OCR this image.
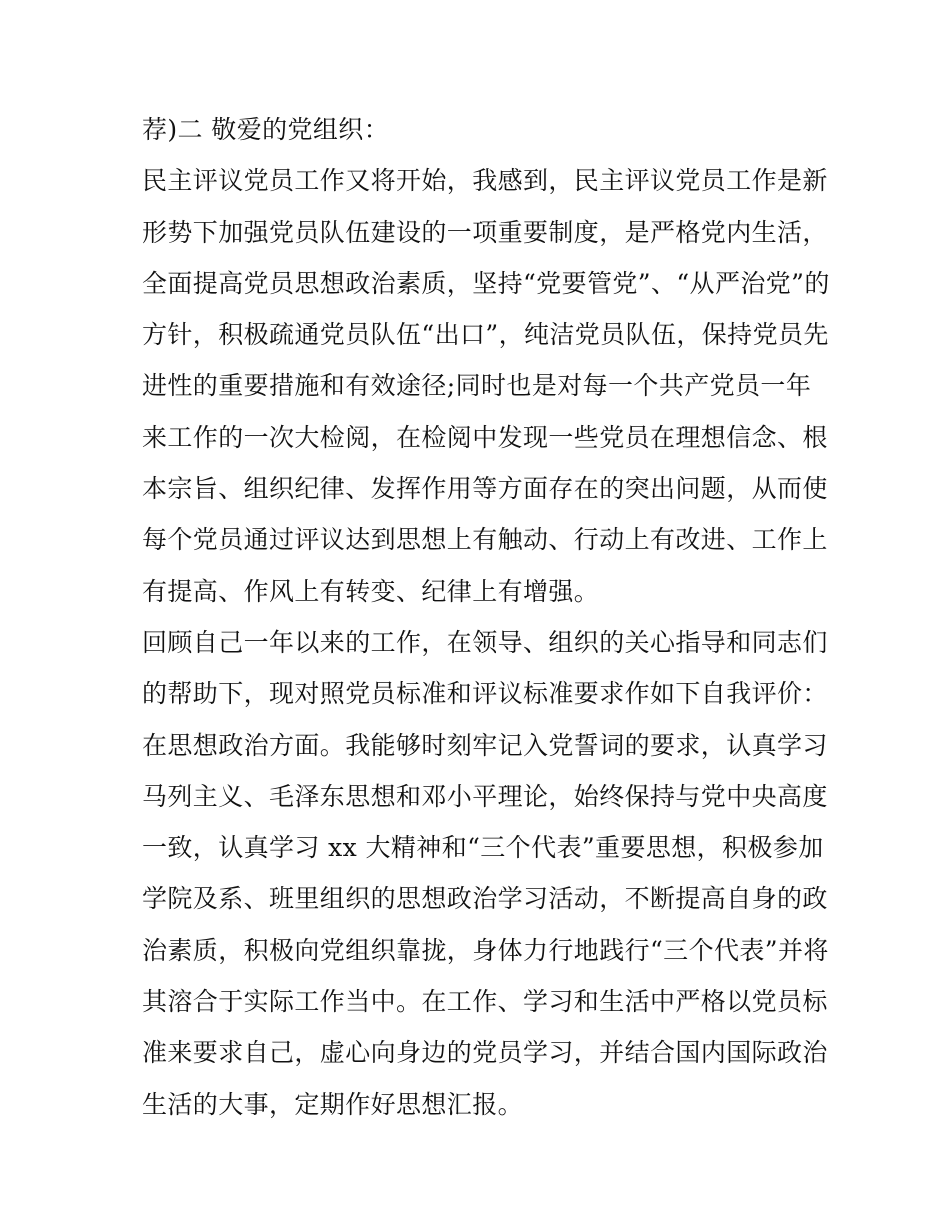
荐)二 敬爱的党组织：
民主评议党员工作又将开始，我感到，民主评议党员工作是新
形势下加强党员队伍建设的一项重要制度，是严格党内生活，
全面提高党员思想政治素质，坚持“党要管党”、“从严治党”的
方针，积极疏通党员队伍“出口”，纯洁党员队伍，保持党员先
进性的重要措施和有效途径;同时也是对每一个共产党员一年
来工作的一次大检阅，在检阅中发现一些党员在理想信念、根
本宗旨、组织纪律、发挥作用等方面存在的突出问题，从而使
每个党员通过评议达到思想上有触动、行动上有改进、工作上
有提高、作风上有转变、纪律上有增强。
回顾自己一年以来的工作，在领导、组织的关心指导和同志们
的帮助下，现对照党员标准和评议标准要求作如下自我评价：
在思想政治方面。我能够时刻牢记入党誓词的要求，认真学习
马列主义、毛泽东思想和邓小平理论，始终保持与党中央高度
一致，认真学习 xx 大精神和“三个代表”重要思想，积极参加
学院及系、班里组织的思想政治学习活动，不断提高自身的政
治素质，积极向党组织靠拢，身体力行地践行“三个代表”并将
其溶合于实际工作当中。在工作、学习和生活中严格以党员标
准来要求自己，虚心向身边的党员学习，并结合国内国际政治
生活的大事，定期作好思想汇报。
